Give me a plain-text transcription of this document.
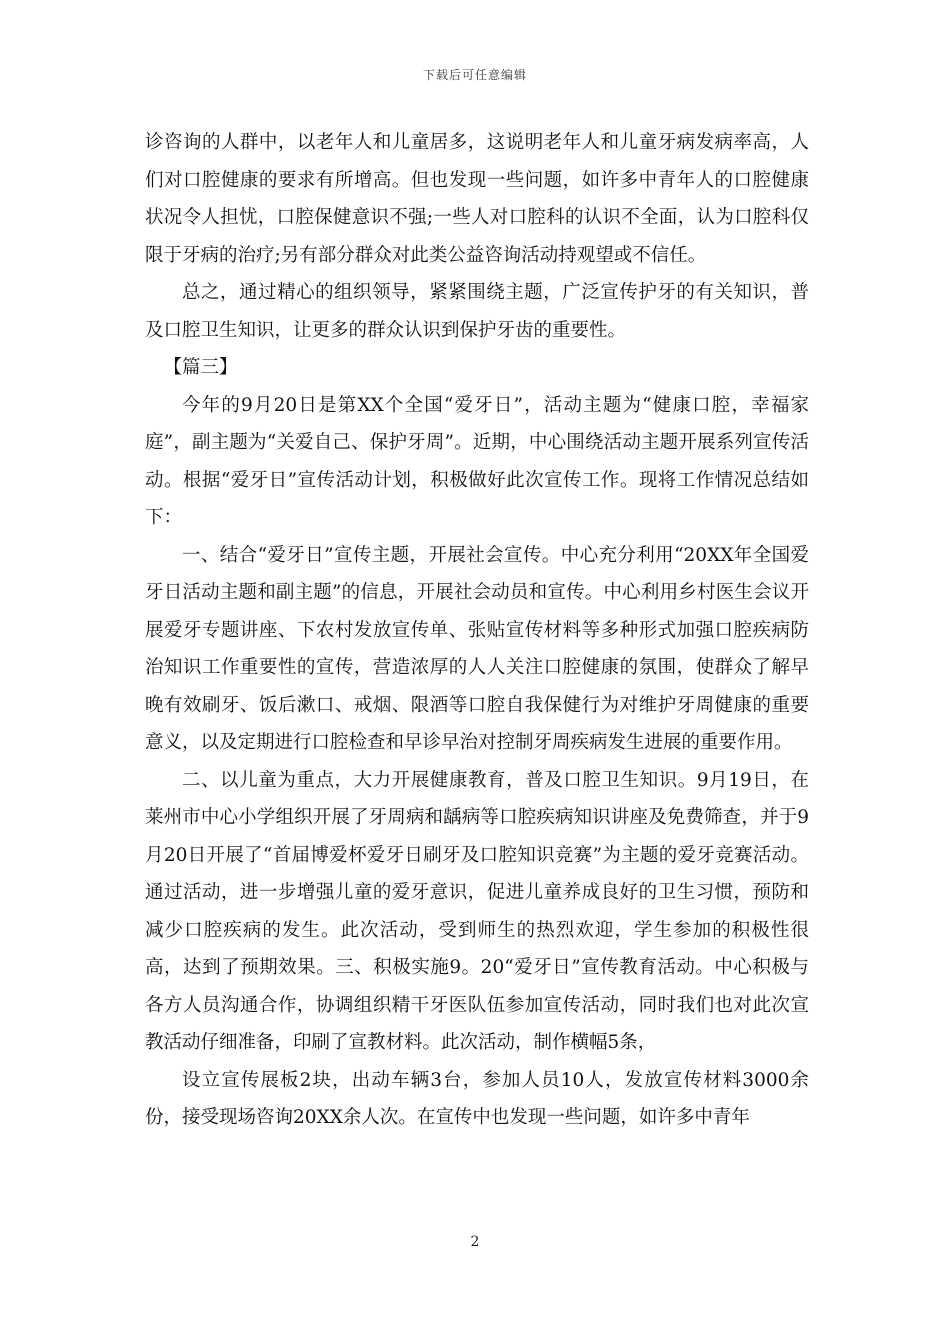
下载后可任意编辑

诊咨询的人群中，以老年人和儿童居多，这说明老年人和儿童牙病发病率高，人们对口腔健康的要求有所增高。但也发现一些问题，如许多中青年人的口腔健康状况令人担忧，口腔保健意识不强;一些人对口腔科的认识不全面，认为口腔科仅限于牙病的治疗;另有部分群众对此类公益咨询活动持观望或不信任。

总之，通过精心的组织领导，紧紧围绕主题，广泛宣传护牙的有关知识，普及口腔卫生知识，让更多的群众认识到保护牙齿的重要性。

【篇三】

今年的9月20日是第XX个全国“爱牙日”，活动主题为“健康口腔，幸福家庭”，副主题为“关爱自己、保护牙周”。近期，中心围绕活动主题开展系列宣传活动。根据“爱牙日”宣传活动计划，积极做好此次宣传工作。现将工作情况总结如下：

一、结合“爱牙日”宣传主题，开展社会宣传。中心充分利用“20XX年全国爱牙日活动主题和副主题”的信息，开展社会动员和宣传。中心利用乡村医生会议开展爱牙专题讲座、下农村发放宣传单、张贴宣传材料等多种形式加强口腔疾病防治知识工作重要性的宣传，营造浓厚的人人关注口腔健康的氛围，使群众了解早晚有效刷牙、饭后漱口、戒烟、限酒等口腔自我保健行为对维护牙周健康的重要意义，以及定期进行口腔检查和早诊早治对控制牙周疾病发生进展的重要作用。

二、以儿童为重点，大力开展健康教育，普及口腔卫生知识。9月19日，在莱州市中心小学组织开展了牙周病和龋病等口腔疾病知识讲座及免费筛查，并于9月20日开展了“首届博爱杯爱牙日刷牙及口腔知识竞赛”为主题的爱牙竞赛活动。通过活动，进一步增强儿童的爱牙意识，促进儿童养成良好的卫生习惯，预防和减少口腔疾病的发生。此次活动，受到师生的热烈欢迎，学生参加的积极性很高，达到了预期效果。三、积极实施9。20“爱牙日”宣传教育活动。中心积极与各方人员沟通合作，协调组织精干牙医队伍参加宣传活动，同时我们也对此次宣教活动仔细准备，印刷了宣教材料。此次活动，制作横幅5条，

设立宣传展板2块，出动车辆3台，参加人员10人，发放宣传材料3000余份，接受现场咨询20XX余人次。在宣传中也发现一些问题，如许多中青年

2
